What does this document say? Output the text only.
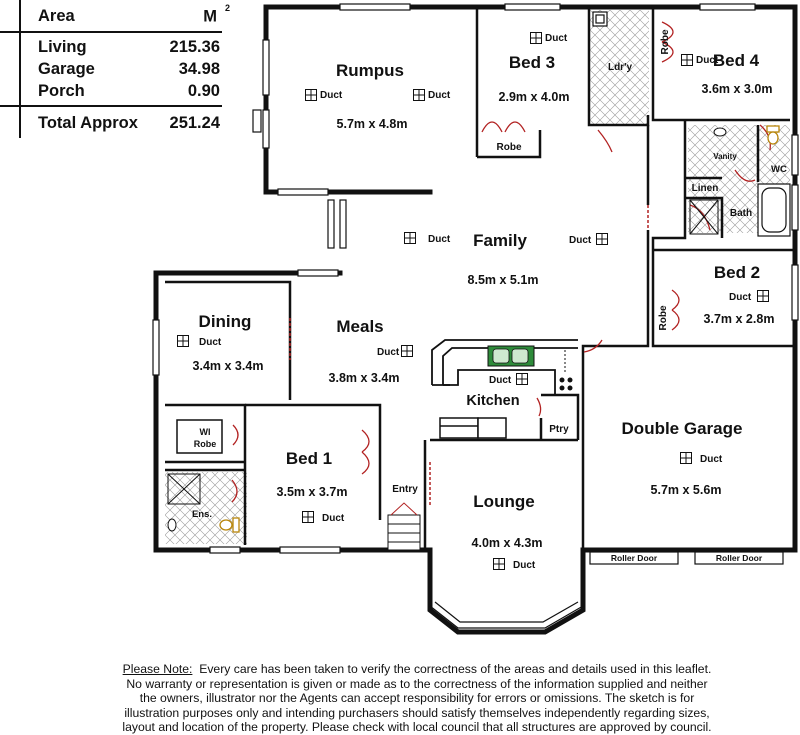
Area	M $^2$
Living	215.36
Garage	34.98
Porch	0.90
Total Approx 251.24
Rumpus
5.7m x 4.8m
Duct	Duct
Bed 3
2.9m x 4.0m
Duct
Bed 4
3.6m x 3.0m
Duct
Family
8.5m x 5.1m
Duct	Duct
Bed 2
3.7m x 2.8m
Duct
Dining
3.4m x 3.4m
Duct
Meals
3.8m x 3.4m
Duct
Kitchen
Duct
Bed 1
3.5m x 3.7m
Duct
Lounge
4.0m x 4.3m
Duct
Double Garage
5.7m x 5.6m
Duct
Ldr'y
Robe
Robe
Vanity
WC
Linen
Bath
Robe
Ptry
WI
Robe
Ens.
Entry
Roller Door	Roller Door
Please Note: Every care has been taken to verify the correctness of the areas and details used in this leaflet.
No warranty or representation is given or made as to the correctness of the information supplied and neither
the owners, illustrator nor the Agents can accept responsibility for errors or omissions. The sketch is for
illustration purposes only and intending purchasers should satisfy themselves independently regarding sizes,
layout and location of the property. Please check with local council that all structures are approved by council.
